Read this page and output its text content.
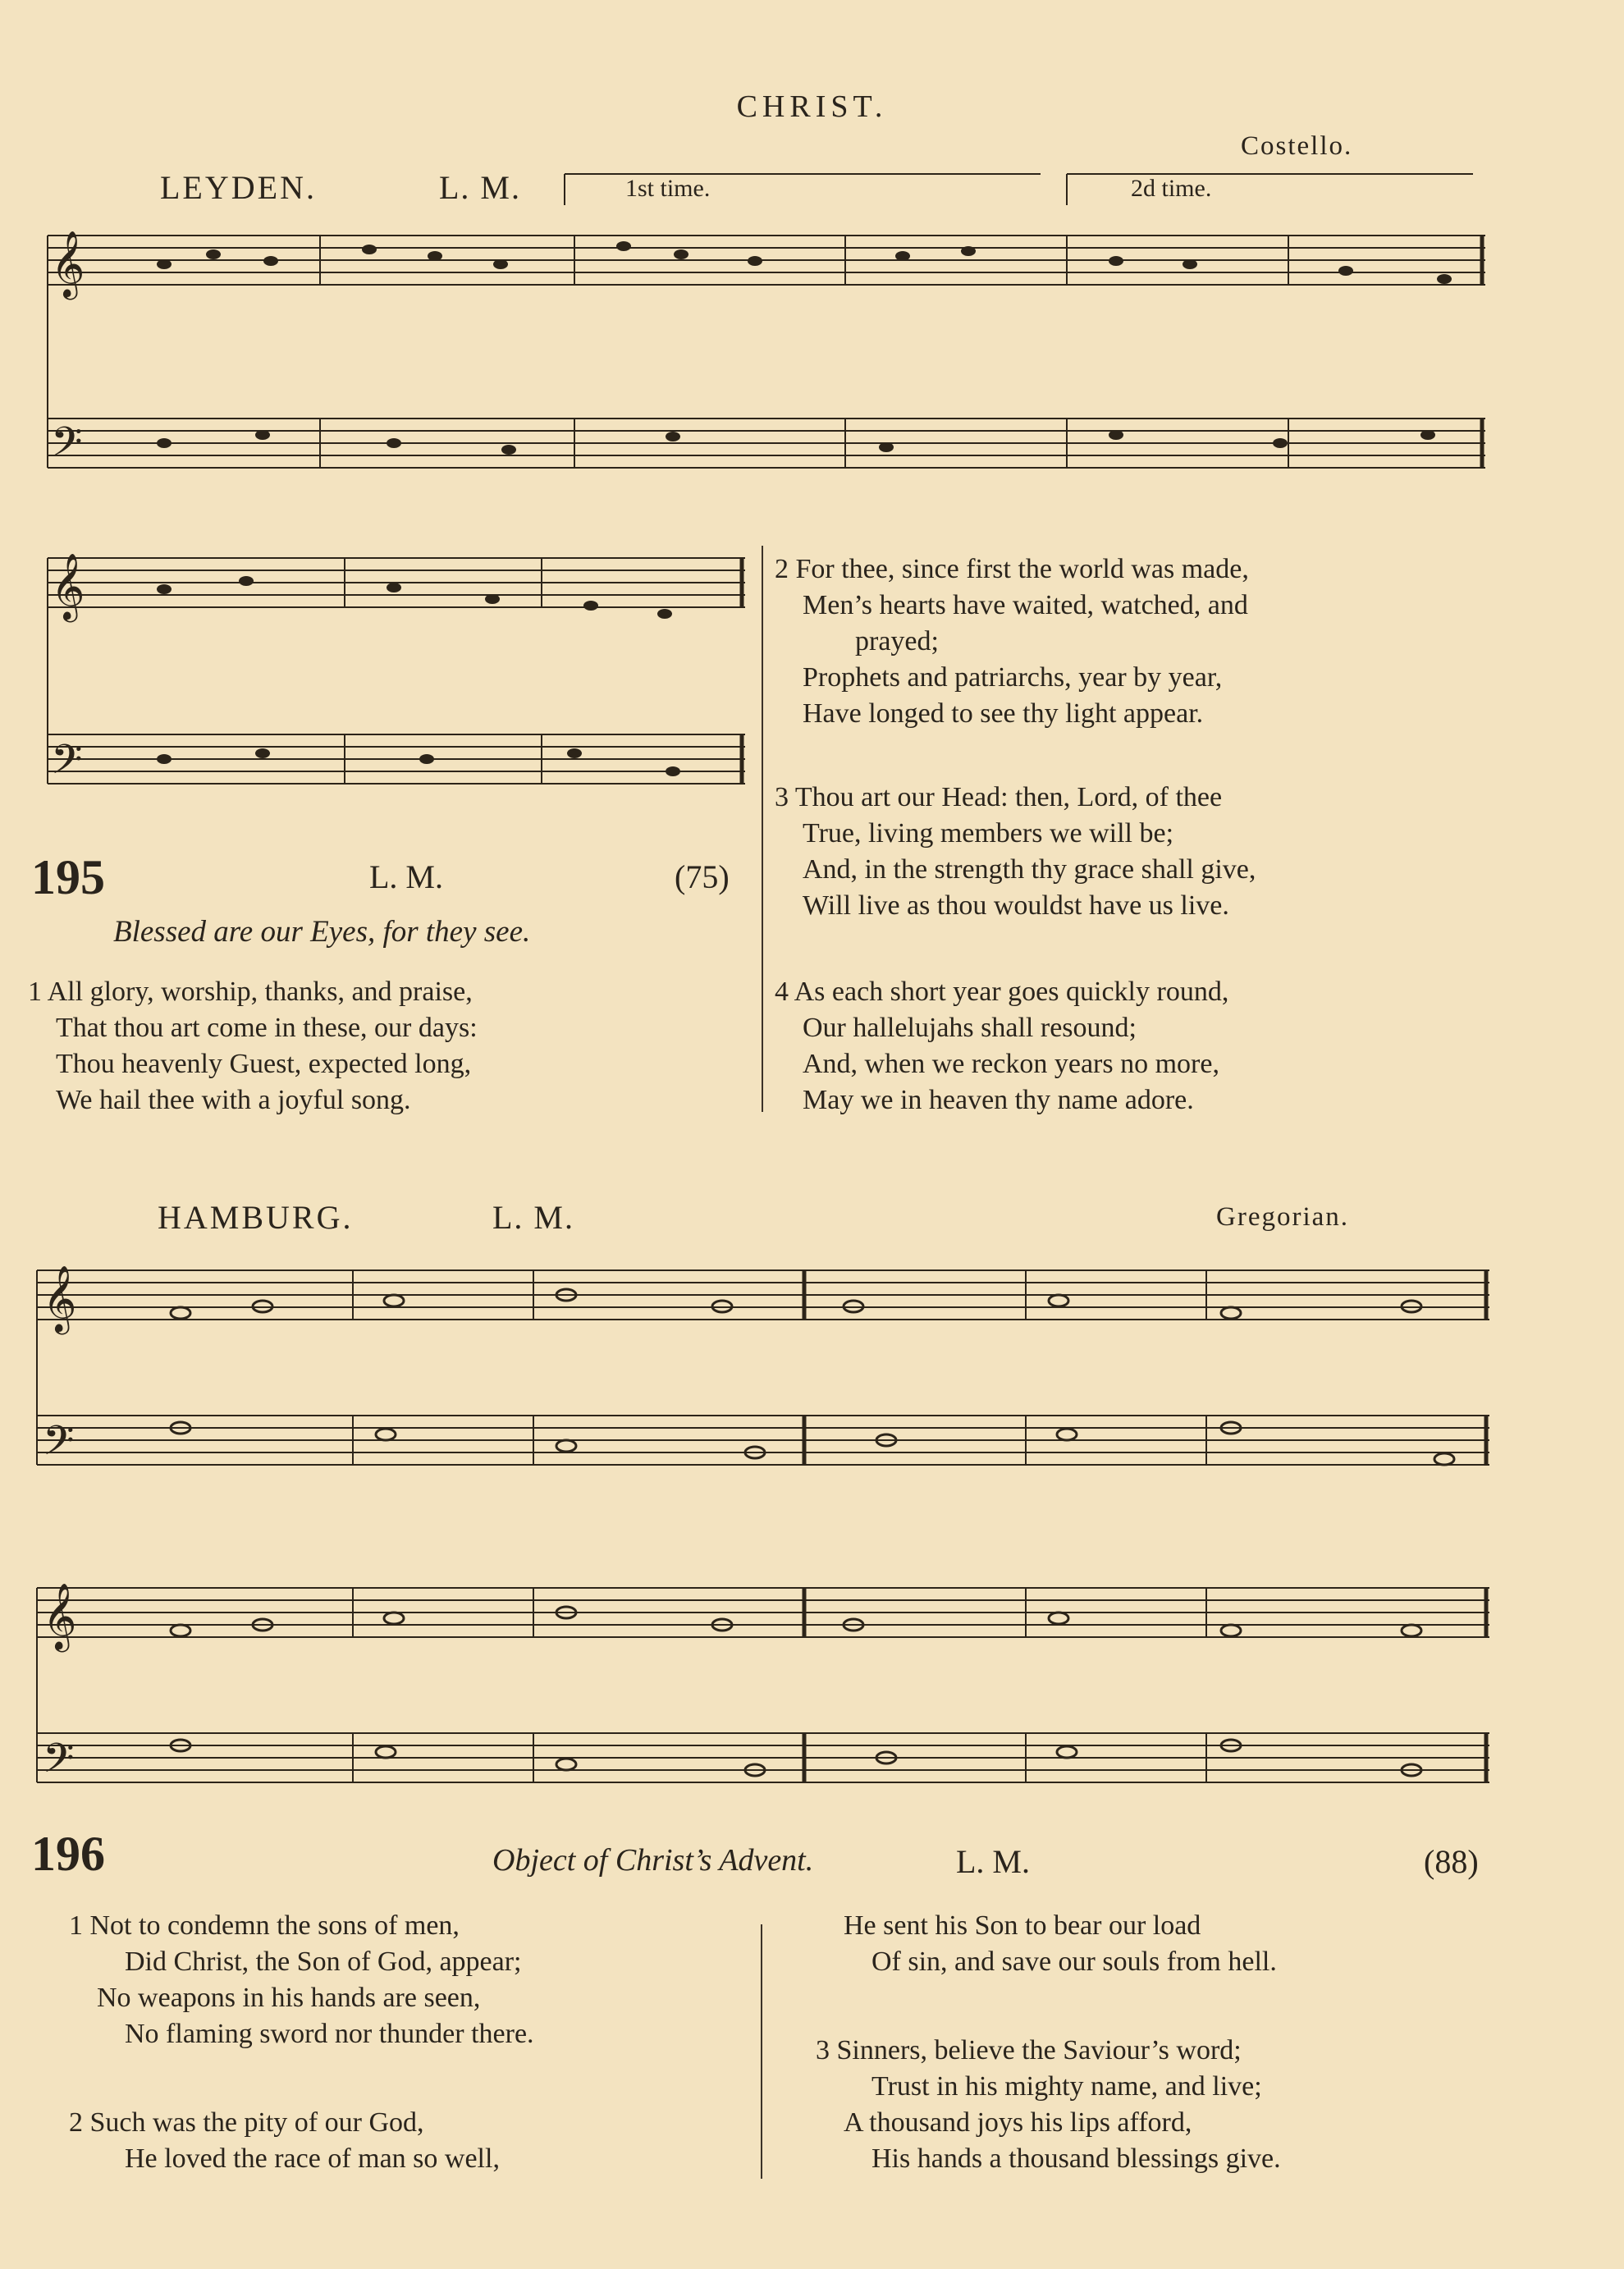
CHRIST.
LEYDEN.	L. M.
Costello.
1st time.	2d time.
𝄞
𝄢
𝄞
𝄢
𝄞
𝄢
𝄞
𝄢
195	L. M.	(75)
Blessed are our Eyes, for they see.
1 All glory, worship, thanks, and praise,
That thou art come in these, our days:
Thou heavenly Guest, expected long,
We hail thee with a joyful song.
2 For thee, since first the world was made,
Men’s hearts have waited, watched, and
prayed;
Prophets and patriarchs, year by year,
Have longed to see thy light appear.
3 Thou art our Head: then, Lord, of thee
True, living members we will be;
And, in the strength thy grace shall give,
Will live as thou wouldst have us live.
4 As each short year goes quickly round,
Our hallelujahs shall resound;
And, when we reckon years no more,
May we in heaven thy name adore.
HAMBURG.	L. M.	Gregorian.
196	Object of Christ’s Advent.	L. M.	(88)
1 Not to condemn the sons of men,
Did Christ, the Son of God, appear;
No weapons in his hands are seen,
No flaming sword nor thunder there.
2 Such was the pity of our God,
He loved the race of man so well,
He sent his Son to bear our load
Of sin, and save our souls from hell.
3 Sinners, believe the Saviour’s word;
Trust in his mighty name, and live;
A thousand joys his lips afford,
His hands a thousand blessings give.
